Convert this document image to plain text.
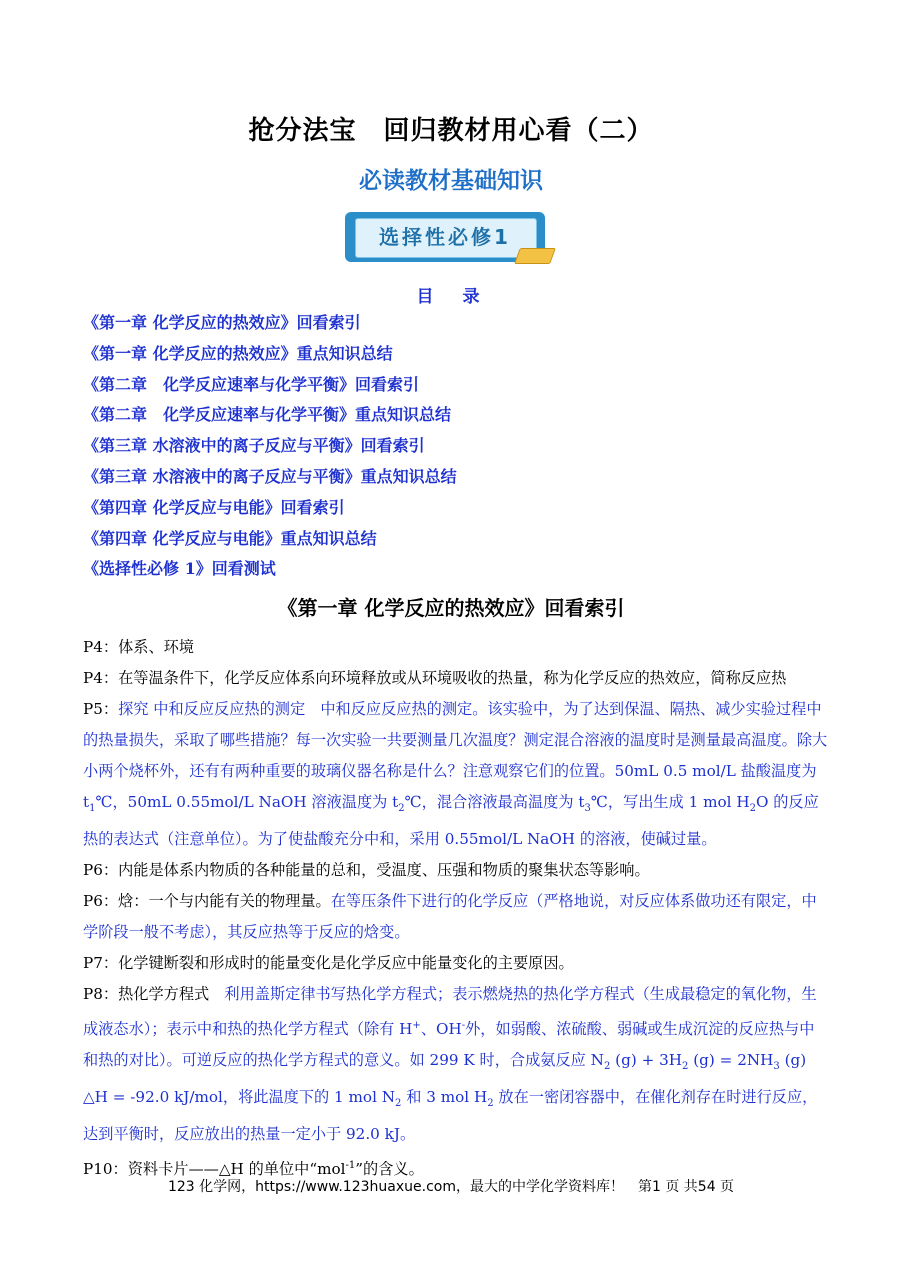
抢分法宝　回归教材用心看（二）
必读教材基础知识
选择性必修1
目　录
《第一章 化学反应的热效应》回看索引
《第一章 化学反应的热效应》重点知识总结
《第二章　化学反应速率与化学平衡》回看索引
《第二章　化学反应速率与化学平衡》重点知识总结
《第三章 水溶液中的离子反应与平衡》回看索引
《第三章 水溶液中的离子反应与平衡》重点知识总结
《第四章 化学反应与电能》回看索引
《第四章 化学反应与电能》重点知识总结
《选择性必修 1》回看测试
《第一章 化学反应的热效应》回看索引

P4：体系、环境

P4：在等温条件下，化学反应体系向环境释放或从环境吸收的热量，称为化学反应的热效应，简称反应热

P5：探究 中和反应反应热的测定　中和反应反应热的测定。该实验中，为了达到保温、隔热、减少实验过程中的热量损失，采取了哪些措施？每一次实验一共要测量几次温度？测定混合溶液的温度时是测量最高温度。除大小两个烧杯外，还有有两种重要的玻璃仪器名称是什么？注意观察它们的位置。50mL 0.5 mol/L 盐酸温度为 $t_1℃$，50mL 0.55mol/L NaOH 溶液温度为 $t_2℃$，混合溶液最高温度为 $t_3℃$，写出生成 1 mol $H_2O$ 的反应热的表达式（注意单位）。为了使盐酸充分中和，采用 0.55mol/L NaOH 的溶液，使碱过量。

P6：内能是体系内物质的各种能量的总和，受温度、压强和物质的聚集状态等影响。

P6：焓：一个与内能有关的物理量。在等压条件下进行的化学反应（严格地说，对反应体系做功还有限定，中学阶段一般不考虑），其反应热等于反应的焓变。

P7：化学键断裂和形成时的能量变化是化学反应中能量变化的主要原因。

P8：热化学方程式　利用盖斯定律书写热化学方程式；表示燃烧热的热化学方程式（生成最稳定的氧化物，生成液态水）；表示中和热的热化学方程式（除有 H+、OH-外，如弱酸、浓硫酸、弱碱或生成沉淀的反应热与中和热的对比）。可逆反应的热化学方程式的意义。如 299 K 时，合成氨反应 $N_2$ $(g) + 3H_2$ $(g) = 2NH_3$ (g) △H = -92.0 kJ/mol，将此温度下的 1 mol $N_2$ 和 3 mol $H_2$ 放在一密闭容器中，在催化剂存在时进行反应，达到平衡时，反应放出的热量一定小于 92.0 kJ。

P10：资料卡片——△H 的单位中“mol$^{-1}$”的含义。

123 化学网，https://www.123huaxue.com，最大的中学化学资料库！　第1 页 共54 页
